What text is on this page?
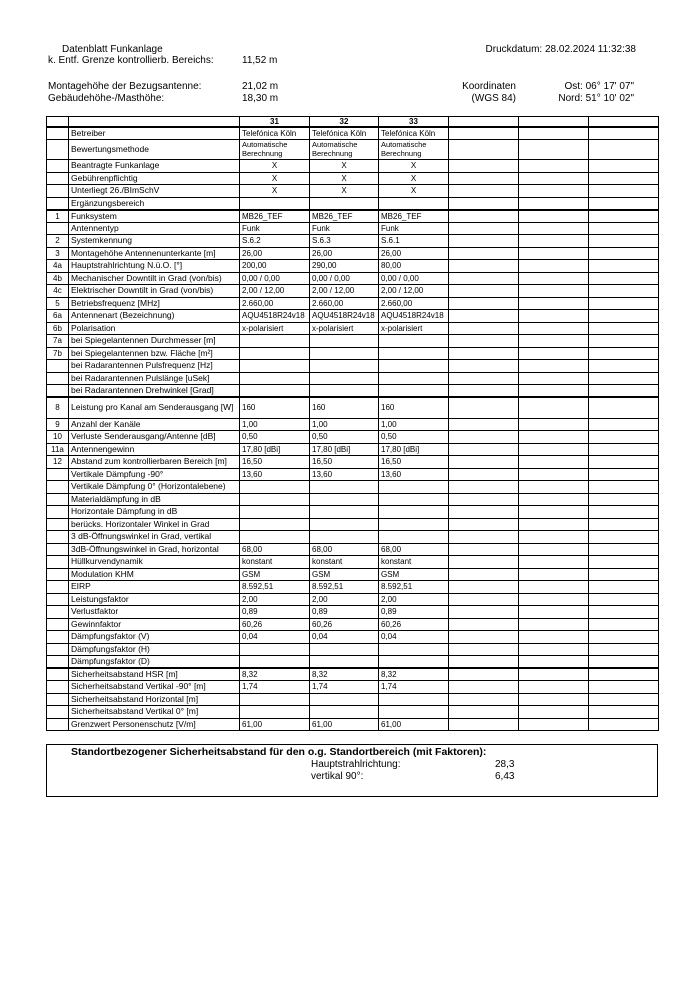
Datenblatt Funkanlage	Druckdatum: 28.02.2024 11:32:38
k. Entf. Grenze kontrollierb. Bereichs:	11,52 m
Montagehöhe der Bezugsantenne:	21,02 m
Gebäudehöhe-/Masthöhe:	18,30 m
Koordinaten
(WGS 84)
Ost: 06° 17' 07"
Nord: 51° 10' 02"
		31	32	33			
	Betreiber	Telefónica Köln	Telefónica Köln	Telefónica Köln			
	Bewertungsmethode	Automatische Berechnung	Automatische Berechnung	Automatische Berechnung			
	Beantragte Funkanlage	X	X	X			
	Gebührenpflichtig	X	X	X			
	Unterliegt 26./BImSchV	X	X	X			
	Ergänzungsbereich						
1	Funksystem	MB26_TEF	MB26_TEF	MB26_TEF			
	Antennentyp	Funk	Funk	Funk			
2	Systemkennung	S.6.2	S.6.3	S.6.1			
3	Montagehöhe Antennenunterkante [m]	26,00	26,00	26,00			
4a	Hauptstrahlrichtung N.ü.O. [°]	200,00	290,00	80,00			
4b	Mechanischer Downtilt in Grad (von/bis)	0,00 / 0,00	0,00 / 0,00	0,00 / 0,00			
4c	Elektrischer Downtilt in Grad (von/bis)	2,00 / 12,00	2,00 / 12,00	2,00 / 12,00			
5	Betriebsfrequenz [MHz]	2.660,00	2.660,00	2.660,00			
6a	Antennenart (Bezeichnung)	AQU4518R24v18	AQU4518R24v18	AQU4518R24v18			
6b	Polarisation	x-polarisiert	x-polarisiert	x-polarisiert			
7a	bei Spiegelantennen Durchmesser [m]						
7b	bei Spiegelantennen bzw. Fläche [m²]						
	bei Radarantennen Pulsfrequenz [Hz]						
	bei Radarantennen Pulslänge [uSek]						
	bei Radarantennen Drehwinkel [Grad]						
8	Leistung pro Kanal am Senderausgang [W]	160	160	160			
9	Anzahl der Kanäle	1,00	1,00	1,00			
10	Verluste Senderausgang/Antenne [dB]	0,50	0,50	0,50			
11a	Antennengewinn	17,80 [dBi]	17,80 [dBi]	17,80 [dBi]			
12	Abstand zum kontrollierbaren Bereich [m]	16,50	16,50	16,50			
	Vertikale Dämpfung -90°	13,60	13,60	13,60			
	Vertikale Dämpfung 0° (Horizontalebene)						
	Materialdämpfung in dB						
	Horizontale Dämpfung in dB						
	berücks. Horizontaler Winkel in Grad						
	3 dB-Öffnungswinkel in Grad, vertikal						
	3dB-Öffnungswinkel in Grad, horizontal	68,00	68,00	68,00			
	Hüllkurvendynamik	konstant	konstant	konstant			
	Modulation KHM	GSM	GSM	GSM			
	EIRP	8.592,51	8.592,51	8.592,51			
	Leistungsfaktor	2,00	2,00	2,00			
	Verlustfaktor	0,89	0,89	0,89			
	Gewinnfaktor	60,26	60,26	60,26			
	Dämpfungsfaktor (V)	0,04	0,04	0,04			
	Dämpfungsfaktor (H)						
	Dämpfungsfaktor (D)						
	Sicherheitsabstand HSR [m]	8,32	8,32	8,32			
	Sicherheitsabstand Vertikal -90° [m]	1,74	1,74	1,74			
	Sicherheitsabstand Horizontal [m]						
	Sicherheitsabstand Vertikal 0° [m]						
	Grenzwert Personenschutz [V/m]	61,00	61,00	61,00			
Standortbezogener Sicherheitsabstand für den o.g. Standortbereich (mit Faktoren):
Hauptstrahlrichtung:	28,3
vertikal 90°:	6,43
